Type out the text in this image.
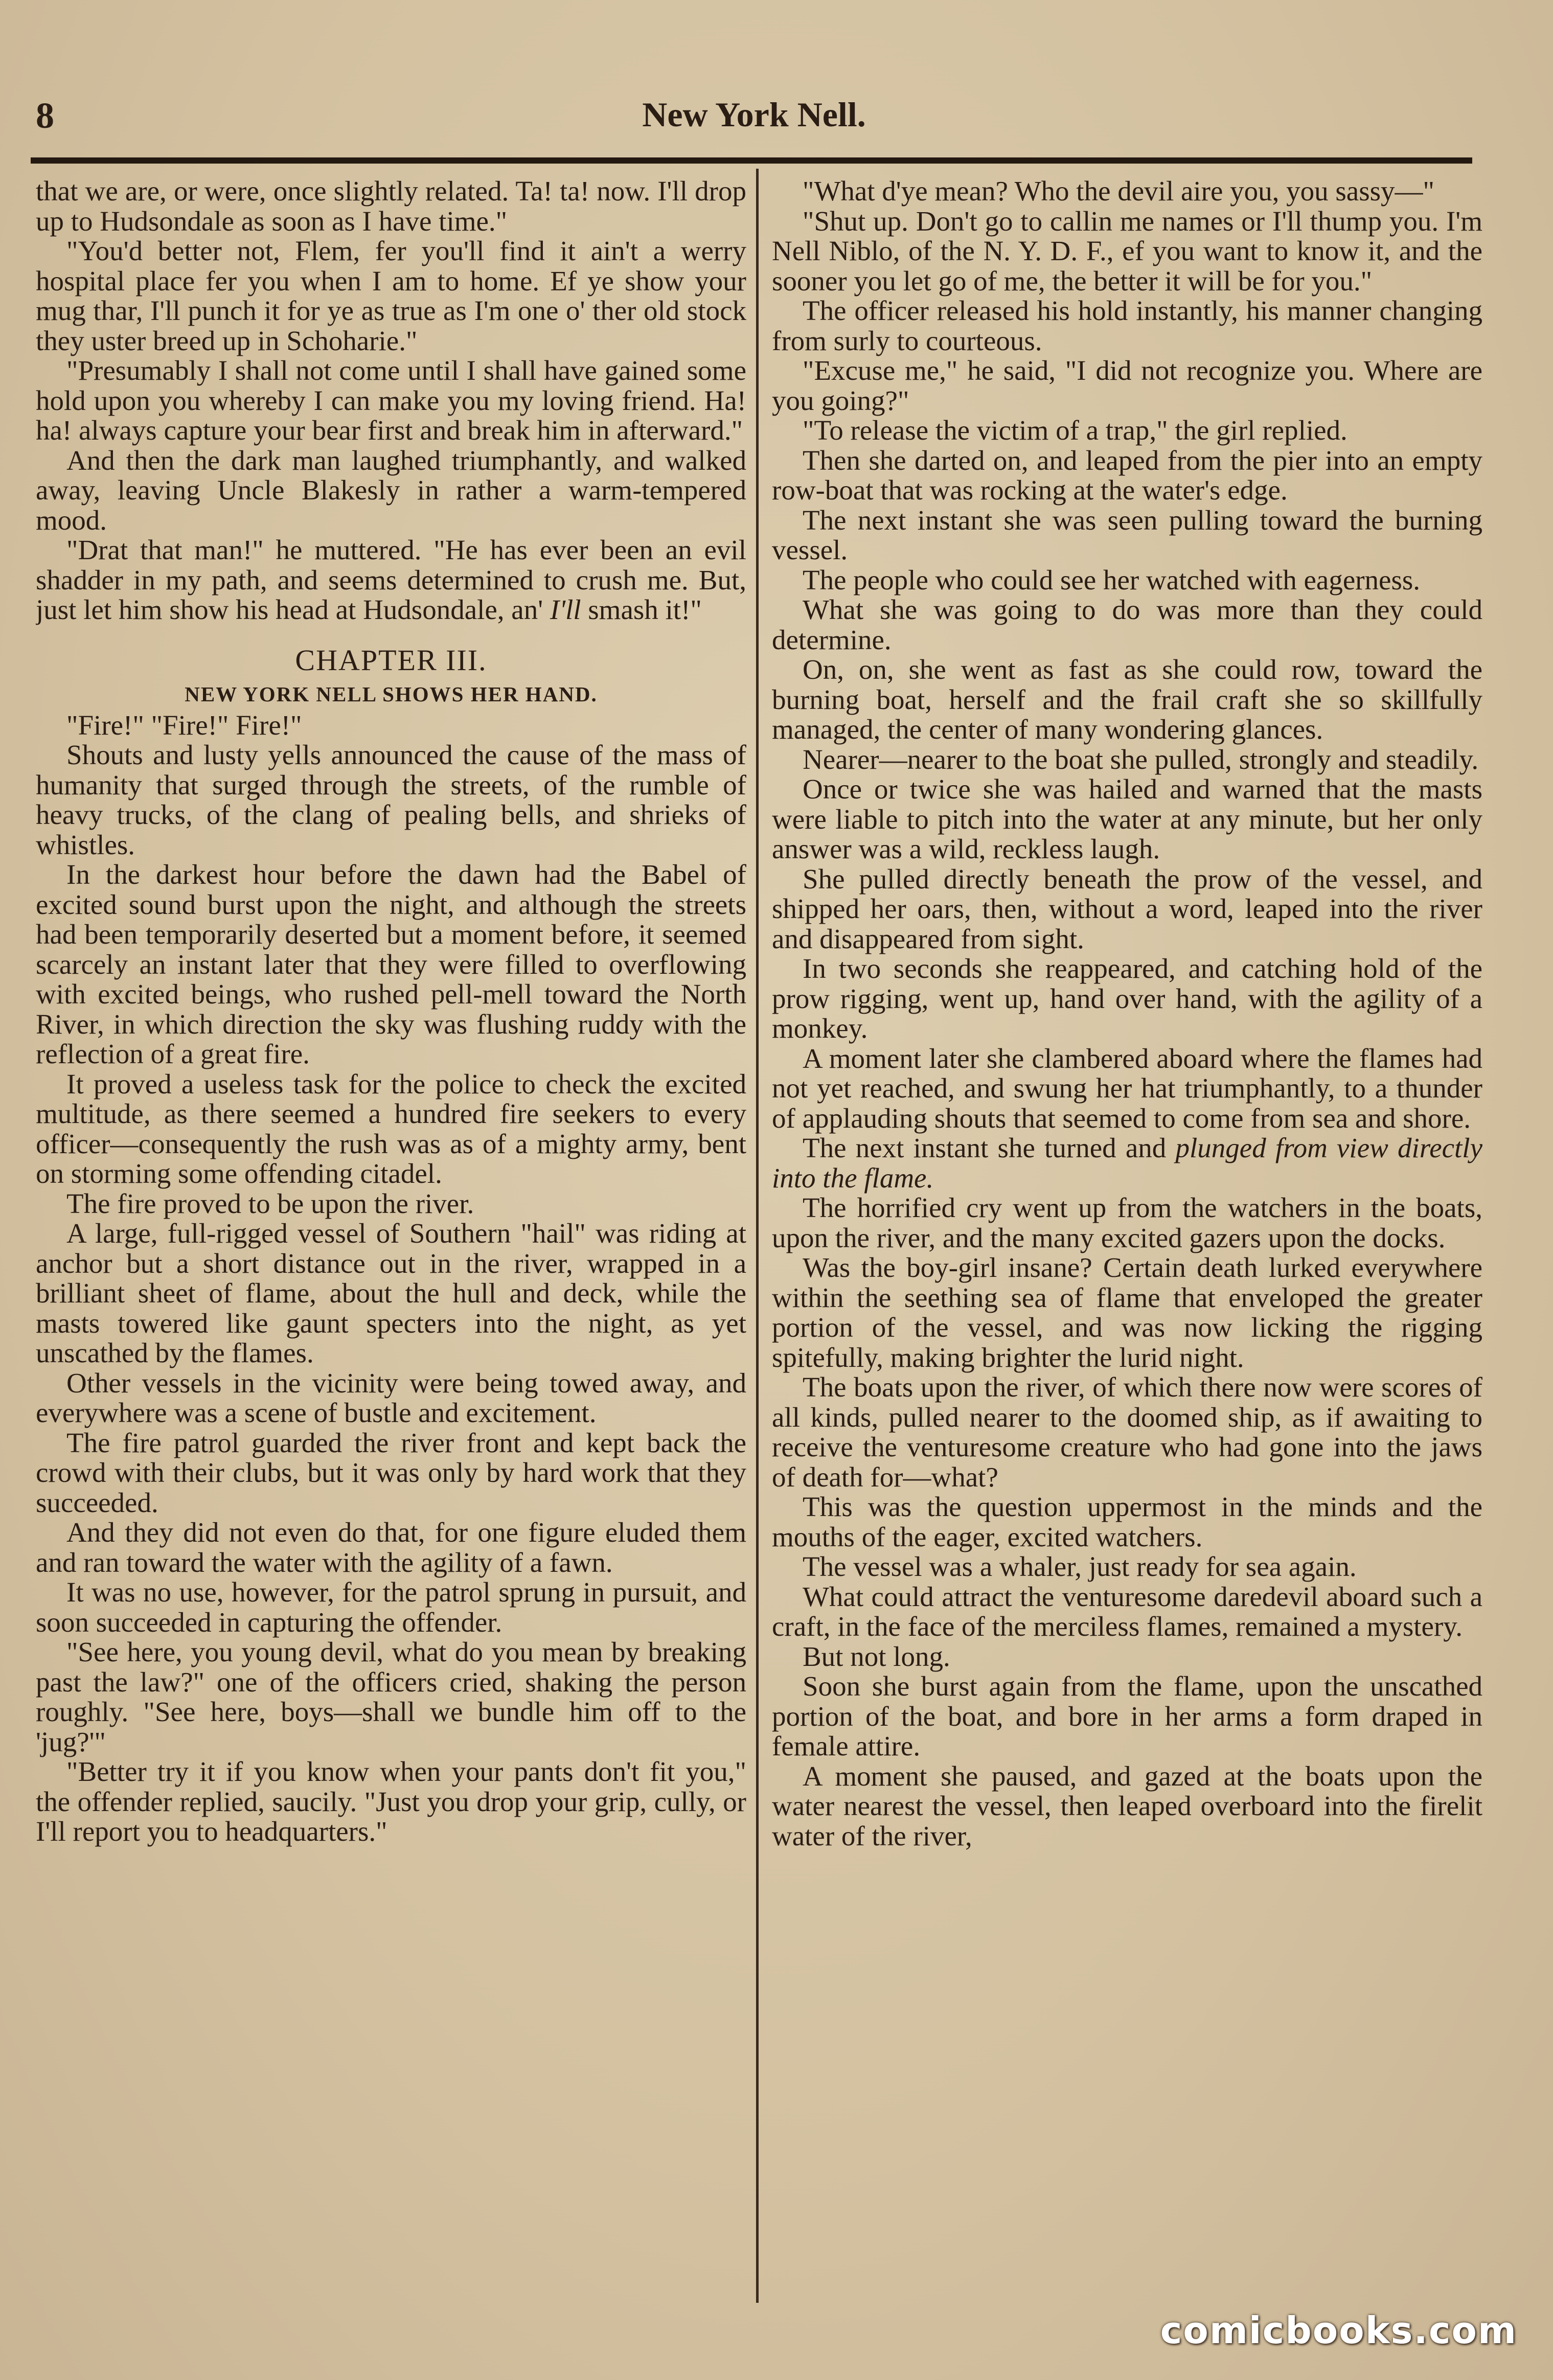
8	New York Nell.

that we are, or were, once slightly related. Ta! ta! now. I'll drop up to Hudsondale as soon as I have time."

"You'd better not, Flem, fer you'll find it ain't a werry hospital place fer you when I am to home. Ef ye show your mug thar, I'll punch it for ye as true as I'm one o' ther old stock they uster breed up in Schoharie."

"Presumably I shall not come until I shall have gained some hold upon you whereby I can make you my loving friend. Ha! ha! always capture your bear first and break him in afterward."

And then the dark man laughed triumphantly, and walked away, leaving Uncle Blakesly in rather a warm-tempered mood.

"Drat that man!" he muttered. "He has ever been an evil shadder in my path, and seems determined to crush me. But, just let him show his head at Hudsondale, an' I'll smash it!"

CHAPTER III.
NEW YORK NELL SHOWS HER HAND.

"Fire!" "Fire!" Fire!"

Shouts and lusty yells announced the cause of the mass of humanity that surged through the streets, of the rumble of heavy trucks, of the clang of pealing bells, and shrieks of whistles.

In the darkest hour before the dawn had the Babel of excited sound burst upon the night, and although the streets had been temporarily deserted but a moment before, it seemed scarcely an instant later that they were filled to overflowing with excited beings, who rushed pell-mell toward the North River, in which direction the sky was flushing ruddy with the reflection of a great fire.

It proved a useless task for the police to check the excited multitude, as there seemed a hundred fire seekers to every officer—consequently the rush was as of a mighty army, bent on storming some offending citadel.

The fire proved to be upon the river.

A large, full-rigged vessel of Southern "hail" was riding at anchor but a short distance out in the river, wrapped in a brilliant sheet of flame, about the hull and deck, while the masts towered like gaunt specters into the night, as yet unscathed by the flames.

Other vessels in the vicinity were being towed away, and everywhere was a scene of bustle and excitement.

The fire patrol guarded the river front and kept back the crowd with their clubs, but it was only by hard work that they succeeded.

And they did not even do that, for one figure eluded them and ran toward the water with the agility of a fawn.

It was no use, however, for the patrol sprung in pursuit, and soon succeeded in capturing the offender.

"See here, you young devil, what do you mean by breaking past the law?" one of the officers cried, shaking the person roughly. "See here, boys—shall we bundle him off to the 'jug?'"

"Better try it if you know when your pants don't fit you," the offender replied, saucily. "Just you drop your grip, cully, or I'll report you to headquarters."

"What d'ye mean? Who the devil aire you, you sassy—"

"Shut up. Don't go to callin me names or I'll thump you. I'm Nell Niblo, of the N. Y. D. F., ef you want to know it, and the sooner you let go of me, the better it will be for you."

The officer released his hold instantly, his manner changing from surly to courteous.

"Excuse me," he said, "I did not recognize you. Where are you going?"

"To release the victim of a trap," the girl replied.

Then she darted on, and leaped from the pier into an empty row-boat that was rocking at the water's edge.

The next instant she was seen pulling toward the burning vessel.

The people who could see her watched with eagerness.

What she was going to do was more than they could determine.

On, on, she went as fast as she could row, toward the burning boat, herself and the frail craft she so skillfully managed, the center of many wondering glances.

Nearer—nearer to the boat she pulled, strongly and steadily.

Once or twice she was hailed and warned that the masts were liable to pitch into the water at any minute, but her only answer was a wild, reckless laugh.

She pulled directly beneath the prow of the vessel, and shipped her oars, then, without a word, leaped into the river and disappeared from sight.

In two seconds she reappeared, and catching hold of the prow rigging, went up, hand over hand, with the agility of a monkey.

A moment later she clambered aboard where the flames had not yet reached, and swung her hat triumphantly, to a thunder of applauding shouts that seemed to come from sea and shore.

The next instant she turned and plunged from view directly into the flame.

The horrified cry went up from the watchers in the boats, upon the river, and the many excited gazers upon the docks.

Was the boy-girl insane? Certain death lurked everywhere within the seething sea of flame that enveloped the greater portion of the vessel, and was now licking the rigging spitefully, making brighter the lurid night.

The boats upon the river, of which there now were scores of all kinds, pulled nearer to the doomed ship, as if awaiting to receive the venturesome creature who had gone into the jaws of death for—what?

This was the question uppermost in the minds and the mouths of the eager, excited watchers.

The vessel was a whaler, just ready for sea again.

What could attract the venturesome daredevil aboard such a craft, in the face of the merciless flames, remained a mystery.

But not long.

Soon she burst again from the flame, upon the unscathed portion of the boat, and bore in her arms a form draped in female attire.

A moment she paused, and gazed at the boats upon the water nearest the vessel, then leaped overboard into the firelit water of the river,

comicbooks.com
